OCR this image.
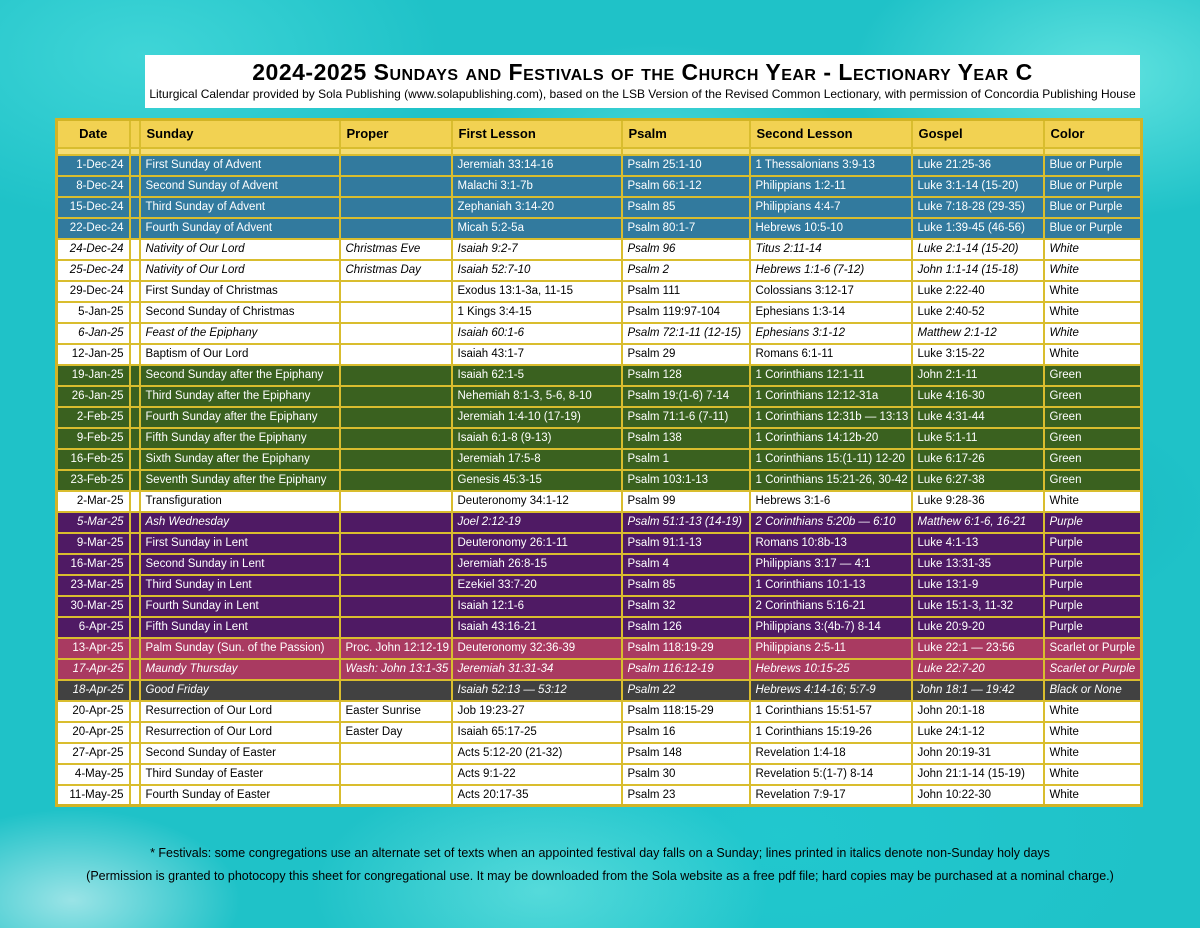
2024-2025 Sundays and Festivals of the Church Year - Lectionary Year C
Liturgical Calendar provided by Sola Publishing (www.solapublishing.com), based on the LSB Version of the Revised Common Lectionary, with permission of Concordia Publishing House
Date		Sunday	Proper	First Lesson	Psalm	Second Lesson	Gospel	Color

1-Dec-24		First Sunday of Advent		Jeremiah 33:14-16	Psalm 25:1-10	1 Thessalonians 3:9-13	Luke 21:25-36	Blue or Purple
8-Dec-24		Second Sunday of Advent		Malachi 3:1-7b	Psalm 66:1-12	Philippians 1:2-11	Luke 3:1-14 (15-20)	Blue or Purple
15-Dec-24		Third Sunday of Advent		Zephaniah 3:14-20	Psalm 85	Philippians 4:4-7	Luke 7:18-28 (29-35)	Blue or Purple
22-Dec-24		Fourth Sunday of Advent		Micah 5:2-5a	Psalm 80:1-7	Hebrews 10:5-10	Luke 1:39-45 (46-56)	Blue or Purple
24-Dec-24		Nativity of Our Lord	Christmas Eve	Isaiah 9:2-7	Psalm 96	Titus 2:11-14	Luke 2:1-14 (15-20)	White
25-Dec-24		Nativity of Our Lord	Christmas Day	Isaiah 52:7-10	Psalm 2	Hebrews 1:1-6 (7-12)	John 1:1-14 (15-18)	White
29-Dec-24		First Sunday of Christmas		Exodus 13:1-3a, 11-15	Psalm 111	Colossians 3:12-17	Luke 2:22-40	White
5-Jan-25		Second Sunday of Christmas		1 Kings 3:4-15	Psalm 119:97-104	Ephesians 1:3-14	Luke 2:40-52	White
6-Jan-25		Feast of the Epiphany		Isaiah 60:1-6	Psalm 72:1-11 (12-15)	Ephesians 3:1-12	Matthew 2:1-12	White
12-Jan-25		Baptism of Our Lord		Isaiah 43:1-7	Psalm 29	Romans 6:1-11	Luke 3:15-22	White
19-Jan-25		Second Sunday after the Epiphany		Isaiah 62:1-5	Psalm 128	1 Corinthians 12:1-11	John 2:1-11	Green
26-Jan-25		Third Sunday after the Epiphany		Nehemiah 8:1-3, 5-6, 8-10	Psalm 19:(1-6) 7-14	1 Corinthians 12:12-31a	Luke 4:16-30	Green
2-Feb-25		Fourth Sunday after the Epiphany		Jeremiah 1:4-10 (17-19)	Psalm 71:1-6 (7-11)	1 Corinthians 12:31b — 13:13	Luke 4:31-44	Green
9-Feb-25		Fifth Sunday after the Epiphany		Isaiah 6:1-8 (9-13)	Psalm 138	1 Corinthians 14:12b-20	Luke 5:1-11	Green
16-Feb-25		Sixth Sunday after the Epiphany		Jeremiah 17:5-8	Psalm 1	1 Corinthians 15:(1-11) 12-20	Luke 6:17-26	Green
23-Feb-25		Seventh Sunday after the Epiphany		Genesis 45:3-15	Psalm 103:1-13	1 Corinthians 15:21-26, 30-42	Luke 6:27-38	Green
2-Mar-25		Transfiguration		Deuteronomy 34:1-12	Psalm 99	Hebrews 3:1-6	Luke 9:28-36	White
5-Mar-25		Ash Wednesday		Joel 2:12-19	Psalm 51:1-13 (14-19)	2 Corinthians 5:20b — 6:10	Matthew 6:1-6, 16-21	Purple
9-Mar-25		First Sunday in Lent		Deuteronomy 26:1-11	Psalm 91:1-13	Romans 10:8b-13	Luke 4:1-13	Purple
16-Mar-25		Second Sunday in Lent		Jeremiah 26:8-15	Psalm 4	Philippians 3:17 — 4:1	Luke 13:31-35	Purple
23-Mar-25		Third Sunday in Lent		Ezekiel 33:7-20	Psalm 85	1 Corinthians 10:1-13	Luke 13:1-9	Purple
30-Mar-25		Fourth Sunday in Lent		Isaiah 12:1-6	Psalm 32	2 Corinthians 5:16-21	Luke 15:1-3, 11-32	Purple
6-Apr-25		Fifth Sunday in Lent		Isaiah 43:16-21	Psalm 126	Philippians 3:(4b-7) 8-14	Luke 20:9-20	Purple
13-Apr-25		Palm Sunday (Sun. of the Passion)	Proc. John 12:12-19	Deuteronomy 32:36-39	Psalm 118:19-29	Philippians 2:5-11	Luke 22:1 — 23:56	Scarlet or Purple
17-Apr-25		Maundy Thursday	Wash: John 13:1-35	Jeremiah 31:31-34	Psalm 116:12-19	Hebrews 10:15-25	Luke 22:7-20	Scarlet or Purple
18-Apr-25		Good Friday		Isaiah 52:13 — 53:12	Psalm 22	Hebrews 4:14-16; 5:7-9	John 18:1 — 19:42	Black or None
20-Apr-25		Resurrection of Our Lord	Easter Sunrise	Job 19:23-27	Psalm 118:15-29	1 Corinthians 15:51-57	John 20:1-18	White
20-Apr-25		Resurrection of Our Lord	Easter Day	Isaiah 65:17-25	Psalm 16	1 Corinthians 15:19-26	Luke 24:1-12	White
27-Apr-25		Second Sunday of Easter		Acts 5:12-20 (21-32)	Psalm 148	Revelation 1:4-18	John 20:19-31	White
4-May-25		Third Sunday of Easter		Acts 9:1-22	Psalm 30	Revelation 5:(1-7) 8-14	John 21:1-14 (15-19)	White
11-May-25		Fourth Sunday of Easter		Acts 20:17-35	Psalm 23	Revelation 7:9-17	John 10:22-30	White
* Festivals: some congregations use an alternate set of texts when an appointed festival day falls on a Sunday; lines printed in italics denote non-Sunday holy days
(Permission is granted to photocopy this sheet for congregational use. It may be downloaded from the Sola website as a free pdf file; hard copies may be purchased at a nominal charge.)
